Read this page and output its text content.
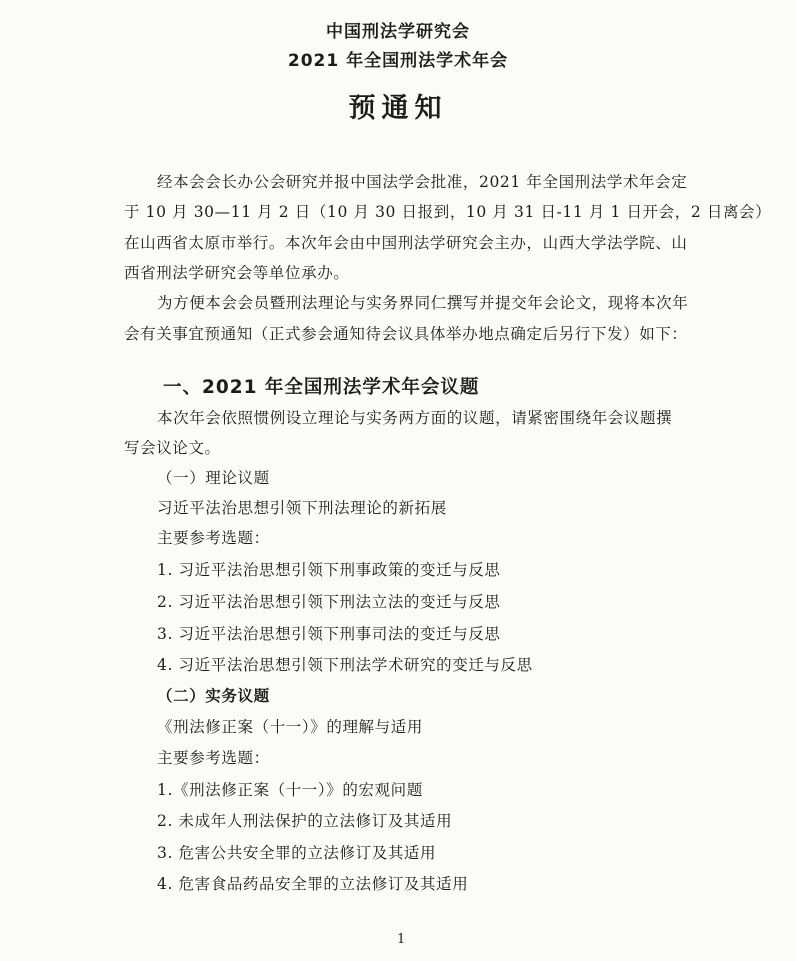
中国刑法学研究会
2021 年全国刑法学术年会
预通知
经本会会长办公会研究并报中国法学会批准，2021 年全国刑法学术年会定
于 10 月 30—11 月 2 日（10 月 30 日报到，10 月 31 日-11 月 1 日开会，2 日离会）
在山西省太原市举行。本次年会由中国刑法学研究会主办，山西大学法学院、山
西省刑法学研究会等单位承办。
为方便本会会员暨刑法理论与实务界同仁撰写并提交年会论文，现将本次年
会有关事宜预通知（正式参会通知待会议具体举办地点确定后另行下发）如下：
一、2021 年全国刑法学术年会议题
本次年会依照惯例设立理论与实务两方面的议题，请紧密围绕年会议题撰
写会议论文。
（一）理论议题
习近平法治思想引领下刑法理论的新拓展
主要参考选题：
1. 习近平法治思想引领下刑事政策的变迁与反思
2. 习近平法治思想引领下刑法立法的变迁与反思
3. 习近平法治思想引领下刑事司法的变迁与反思
4. 习近平法治思想引领下刑法学术研究的变迁与反思
（二）实务议题
《刑法修正案（十一）》的理解与适用
主要参考选题：
1.《刑法修正案（十一）》的宏观问题
2. 未成年人刑法保护的立法修订及其适用
3. 危害公共安全罪的立法修订及其适用
4. 危害食品药品安全罪的立法修订及其适用
1
